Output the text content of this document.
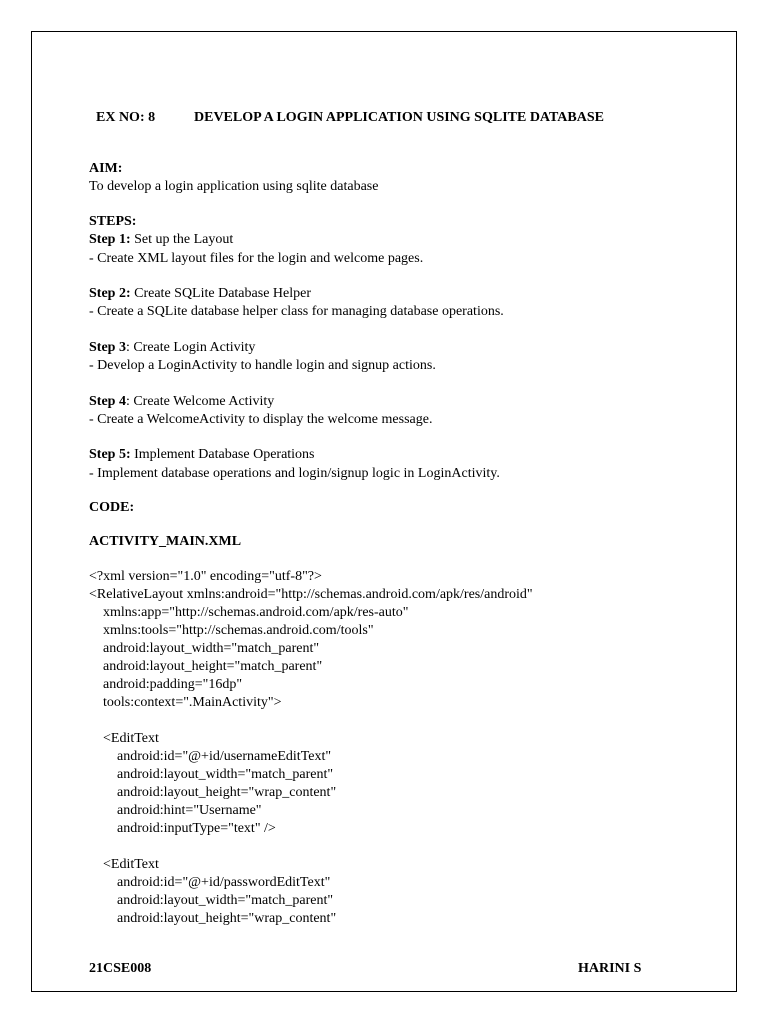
EX NO: 8	DEVELOP A LOGIN APPLICATION USING SQLITE DATABASE

AIM:
To develop a login application using sqlite database
STEPS:
Step 1: Set up the Layout
- Create XML layout files for the login and welcome pages.
Step 2: Create SQLite Database Helper
- Create a SQLite database helper class for managing database operations.
Step 3: Create Login Activity
- Develop a LoginActivity to handle login and signup actions.
Step 4: Create Welcome Activity
- Create a WelcomeActivity to display the welcome message.
Step 5: Implement Database Operations
- Implement database operations and login/signup logic in LoginActivity.
CODE:
ACTIVITY_MAIN.XML
<?xml version="1.0" encoding="utf-8"?>
<RelativeLayout xmlns:android="http://schemas.android.com/apk/res/android"
xmlns:app="http://schemas.android.com/apk/res-auto"
xmlns:tools="http://schemas.android.com/tools"
android:layout_width="match_parent"
android:layout_height="match_parent"
android:padding="16dp"
tools:context=".MainActivity">
<EditText
android:id="@+id/usernameEditText"
android:layout_width="match_parent"
android:layout_height="wrap_content"
android:hint="Username"
android:inputType="text" />
<EditText
android:id="@+id/passwordEditText"
android:layout_width="match_parent"
android:layout_height="wrap_content"
21CSE008	HARINI S
